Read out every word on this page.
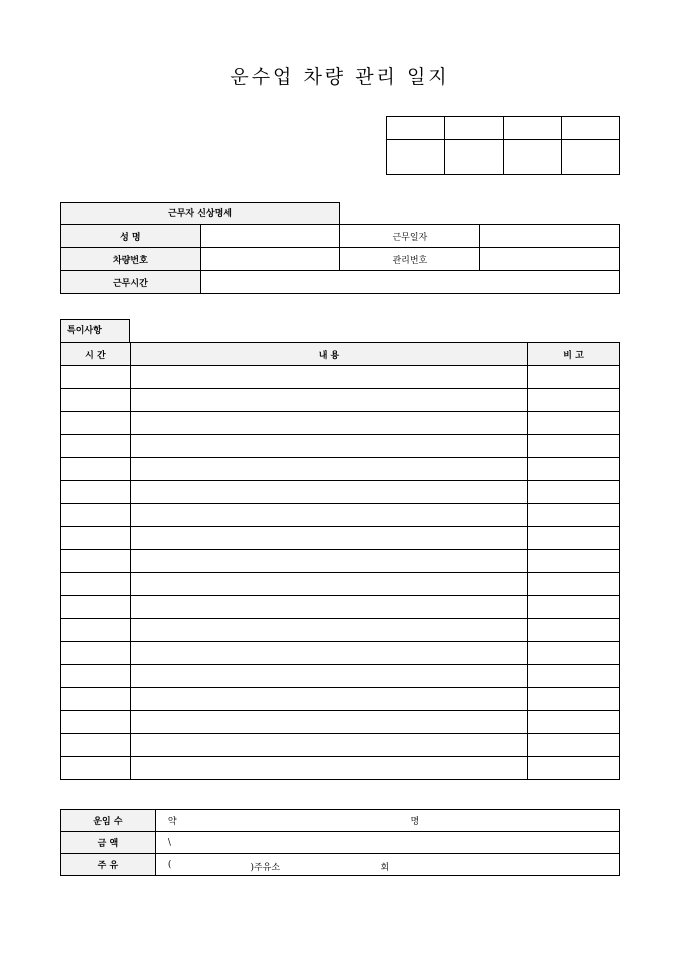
운수업 차량 관리 일지

근무자 신상명세
성 명		근무일자	
차량번호		관리번호	
근무시간			
특이사항
시 간	내 용	비 고

운임 수	약 명

금 액	\
주 유	( )주유소 회
